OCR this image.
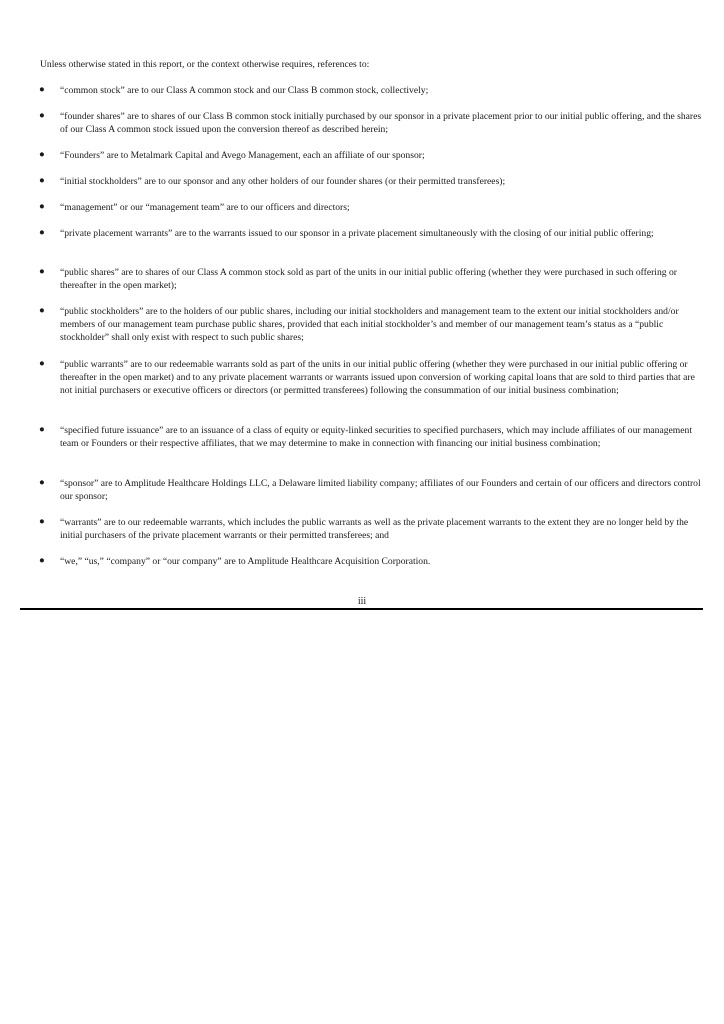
Unless otherwise stated in this report, or the context otherwise requires, references to:

● “common stock” are to our Class A common stock and our Class B common stock, collectively;

● “founder shares” are to shares of our Class B common stock initially purchased by our sponsor in a private placement prior to our initial public offering, and the shares of our Class A common stock issued upon the conversion thereof as described herein;

● “Founders” are to Metalmark Capital and Avego Management, each an affiliate of our sponsor;

● “initial stockholders” are to our sponsor and any other holders of our founder shares (or their permitted transferees);

● “management” or our “management team” are to our officers and directors;

● “private placement warrants” are to the warrants issued to our sponsor in a private placement simultaneously with the closing of our initial public offering;

● “public shares” are to shares of our Class A common stock sold as part of the units in our initial public offering (whether they were purchased in such offering or thereafter in the open market);

● “public stockholders” are to the holders of our public shares, including our initial stockholders and management team to the extent our initial stockholders and/or members of our management team purchase public shares, provided that each initial stockholder’s and member of our management team’s status as a “public stockholder” shall only exist with respect to such public shares;

● “public warrants” are to our redeemable warrants sold as part of the units in our initial public offering (whether they were purchased in our initial public offering or thereafter in the open market) and to any private placement warrants or warrants issued upon conversion of working capital loans that are sold to third parties that are not initial purchasers or executive officers or directors (or permitted transferees) following the consummation of our initial business combination;

● “specified future issuance” are to an issuance of a class of equity or equity-linked securities to specified purchasers, which may include affiliates of our management team or Founders or their respective affiliates, that we may determine to make in connection with financing our initial business combination;

● “sponsor” are to Amplitude Healthcare Holdings LLC, a Delaware limited liability company; affiliates of our Founders and certain of our officers and directors control our sponsor;

● “warrants” are to our redeemable warrants, which includes the public warrants as well as the private placement warrants to the extent they are no longer held by the initial purchasers of the private placement warrants or their permitted transferees; and

● “we,” “us,” “company” or “our company” are to Amplitude Healthcare Acquisition Corporation.

iii
